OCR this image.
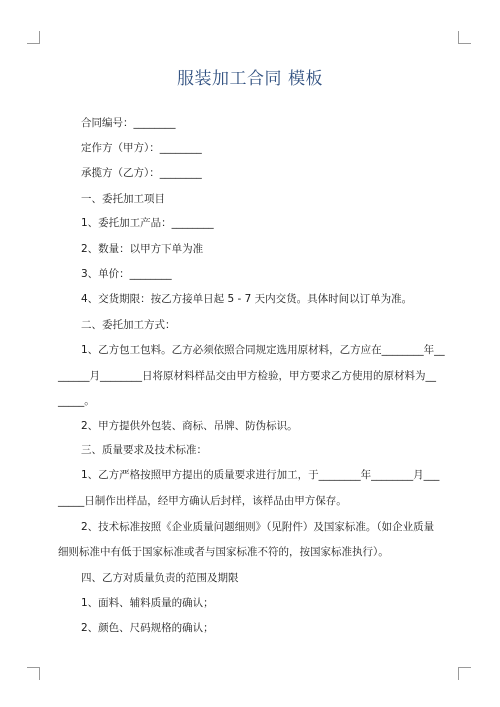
服装加工合同 模板
合同编号：________
定作方（甲方）：________
承揽方（乙方）：________
一、委托加工项目
1、委托加工产品：________
2、数量：以甲方下单为准
3、单价：________
4、交货期限：按乙方接单日起 5 - 7 天内交货。具体时间以订单为准。
二、委托加工方式：
1、乙方包工包料。乙方必须依照合同规定选用原材料，乙方应在________年__
______月________日将原材料样品交由甲方检验，甲方要求乙方使用的原材料为__
_____。
2、甲方提供外包装、商标、吊牌、防伪标识。
三、质量要求及技术标准：
1、乙方严格按照甲方提出的质量要求进行加工，于________年________月___
_____日制作出样品，经甲方确认后封样，该样品由甲方保存。
2、技术标准按照《企业质量问题细则》（见附件）及国家标准。（如企业质量
细则标准中有低于国家标准或者与国家标准不符的，按国家标准执行）。
四、乙方对质量负责的范围及期限
1、面料、辅料质量的确认；
2、颜色、尺码规格的确认；
